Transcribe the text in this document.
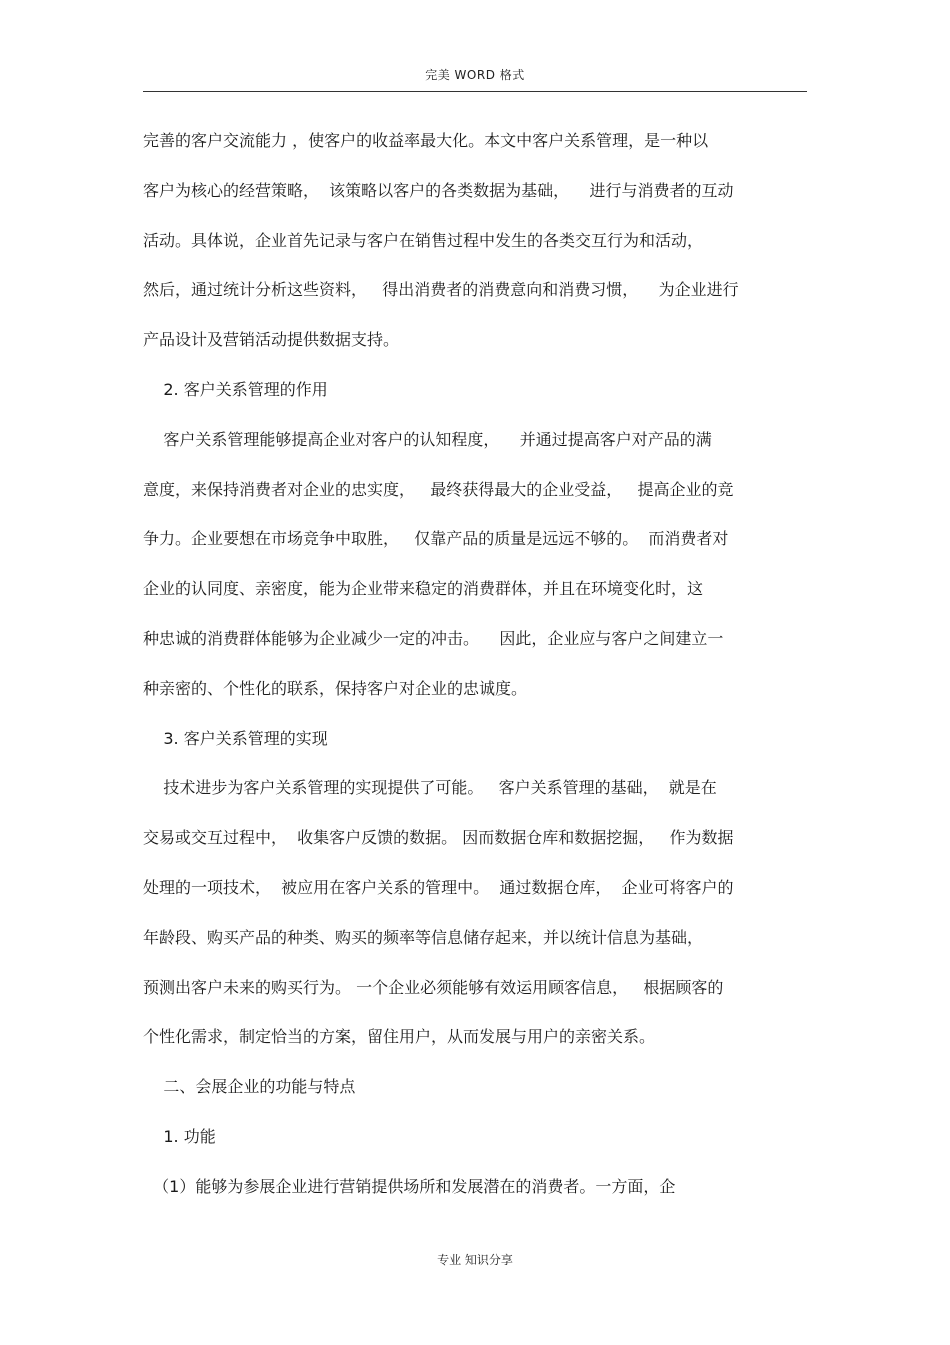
完美 WORD 格式
完善的客户交流能力 ，使客户的收益率最大化。本文中客户关系管理，是一种以
客户为核心的经营策略，  该策略以客户的各类数据为基础，    进行与消费者的互动
活动。具体说，企业首先记录与客户在销售过程中发生的各类交互行为和活动，
然后，通过统计分析这些资料，   得出消费者的消费意向和消费习惯，    为企业进行
产品设计及营销活动提供数据支持。
2. 客户关系管理的作用
客户关系管理能够提高企业对客户的认知程度，    并通过提高客户对产品的满
意度，来保持消费者对企业的忠实度，   最终获得最大的企业受益，   提高企业的竞
争力。企业要想在市场竞争中取胜，   仅靠产品的质量是远远不够的。  而消费者对
企业的认同度、亲密度，能为企业带来稳定的消费群体，并且在环境变化时，这
种忠诚的消费群体能够为企业减少一定的冲击。    因此，企业应与客户之间建立一
种亲密的、个性化的联系，保持客户对企业的忠诚度。
3. 客户关系管理的实现
技术进步为客户关系管理的实现提供了可能。   客户关系管理的基础，  就是在
交易或交互过程中，  收集客户反馈的数据。 因而数据仓库和数据挖掘，   作为数据
处理的一项技术，  被应用在客户关系的管理中。  通过数据仓库，  企业可将客户的
年龄段、购买产品的种类、购买的频率等信息储存起来，并以统计信息为基础，
预测出客户未来的购买行为。 一个企业必须能够有效运用顾客信息，   根据顾客的
个性化需求，制定恰当的方案，留住用户，从而发展与用户的亲密关系。
二、会展企业的功能与特点
1. 功能
（1）能够为参展企业进行营销提供场所和发展潜在的消费者。一方面，企
专业 知识分享
